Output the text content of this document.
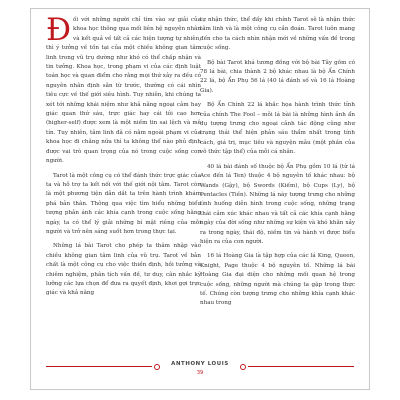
Đối với những người chỉ tìm vào sự giải của khoa học thông qua mối liên hệ nguyên nhân và kết quả về tất cả các hiện tượng tự nhiên, thì ý tưởng về tồn tại của một chiều không gian tâm linh trong vũ trụ dường như khó có thể chấp nhận và tin tưởng. Khoa học, trong phạm vi của các định luật toán học và quan điểm cho rằng mọi thứ xảy ra đều có nguyên nhân định sẵn từ trước, thường có cái nhìn tiêu cực về thế giới siêu hình. Tuy nhiên, khi chúng ta xét tới những khái niệm như khả năng ngoại cảm hay giác quan thứ sáu, trực giác hay cái tôi cao hơn (higher-self) được xem là một niềm tin sai lệch và mê tín. Tuy nhiên, tâm linh đã có nằm ngoài phạm vi của khoa học đi chăng nữa thì ta không thể nào phủ định được vai trò quan trọng của nó trong cuộc sống con người.

Tarot là một công cụ có thể đánh thức trực giác của ta và hỗ trợ ta kết nối với thế giới nội tâm. Tarot còn là một phương tiện dẫn dắt ta trên hành trình khám phá bản thân. Thông qua việc tìm hiểu những biểu tượng phản ánh các khía cạnh trong cuộc sống hằng ngày, ta có thể lý giải những bí mật riêng của mỗi người và trở nên sáng suốt hơn trong thực tại.

Những lá bài Tarot cho phép ta thâm nhập vào chiều không gian tâm linh của vũ trụ. Tarot về bản chất là một công cụ cho việc thiền định, hồi tưởng và chiêm nghiệm, phân tích vấn đề, tư duy, cân nhắc kỹ lưỡng các lựa chọn để đưa ra quyết định, khơi gợi trực giác và khả năng

tự nhận thức, thể đấy khi chính Tarot sẽ là nhận thức tâm linh và là một công cụ cần đoán. Tarot luôn mang đến cho ta cách nhìn nhận mới về những vấn đề trong cuộc sống.

Bộ bài Tarot khá tương đồng với bộ bài Tây gồm có 78 lá bài, chia thành 2 bộ khác nhau là bộ Ẩn Chính 22 lá, bộ Ẩn Phụ 56 lá (40 lá đánh số và 16 lá Hoàng Gia).

Bộ Ẩn Chính 22 lá khắc họa hành trình thức tỉnh của chính The Fool – mỗi lá bài là những hình ảnh ẩn dụ tượng trưng cho ngoại cảnh tác động cũng như trạng thái thể hiện phản sáu thẩm nhất trong tính cách, giá trị, mục tiêu và nguyện mẫu (một phần của vô thức tập thể) của mỗi cá nhân.

40 lá bài đánh số thuộc bộ Ẩn Phụ gồm 10 lá (từ lá Ace đến lá Ten) thuộc 4 bộ nguyên tố khác nhau: bộ Wands (Gậy), bộ Swords (Kiếm), bộ Cups (Ly), bộ Pentacles (Tiền). Những lá này tượng trưng cho những tình huống diễn hình trong cuộc sống, những trạng thái cảm xúc khác nhau và tất cả các khía cạnh hằng ngày của đời sống như những sự kiện và khó khăn xảy ra trong ngày, thái độ, niềm tin và hành vi được biểu hiện ra của con người.

16 lá Hoàng Gia là tập hợp của các lá King, Queen, Knight, Page thuộc 4 bộ nguyên tố. Những lá bài Hoàng Gia đại diện cho những mối quan hệ trong cuộc sống, những người mà chúng ta gặp trong thực tế. Chúng còn tượng trưng cho những khía cạnh khác nhau trong

ANTHONY LOUIS
39
